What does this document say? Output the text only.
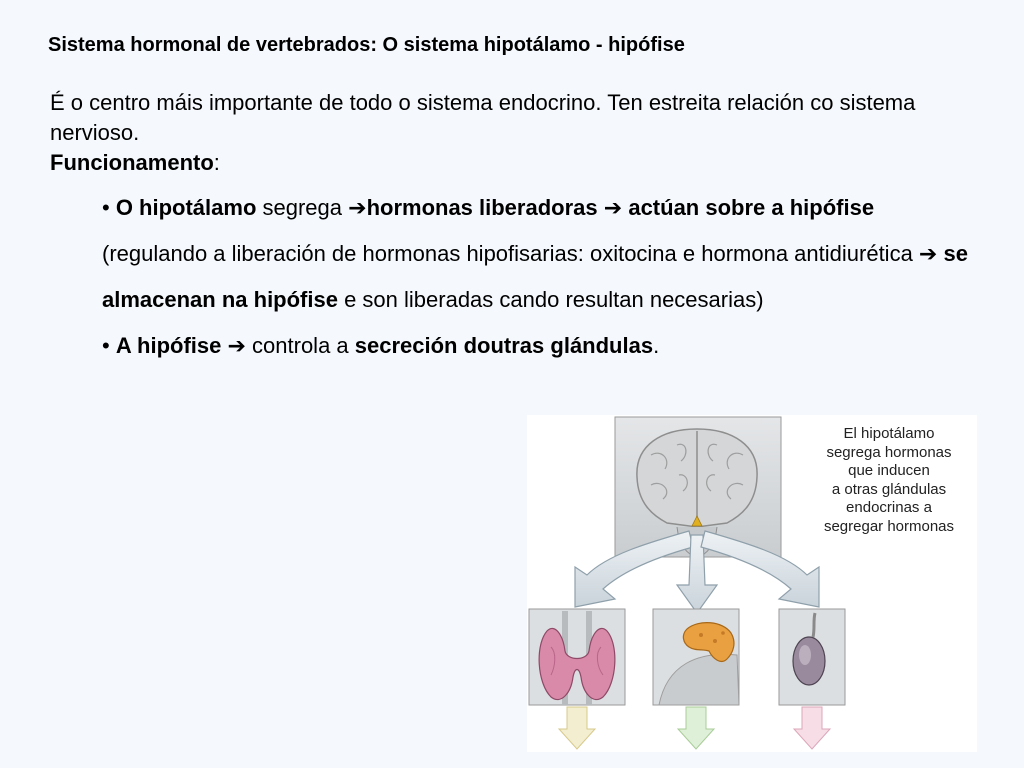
Sistema hormonal de vertebrados: O sistema hipotálamo - hipófise
É o centro máis importante de todo o sistema endocrino. Ten estreita relación co sistema nervioso.
Funcionamento:

• O hipotálamo segrega ➔hormonas liberadoras ➔ actúan sobre a hipófise (regulando a liberación de hormonas hipofisarias: oxitocina e hormona antidiurética ➔ se almacenan na hipófise e son liberadas cando resultan necesarias)

• A hipófise ➔ controla a secreción doutras glándulas.

El hipotálamo
segrega hormonas
que inducen
a otras glándulas
endocrinas a
segregar hormonas
